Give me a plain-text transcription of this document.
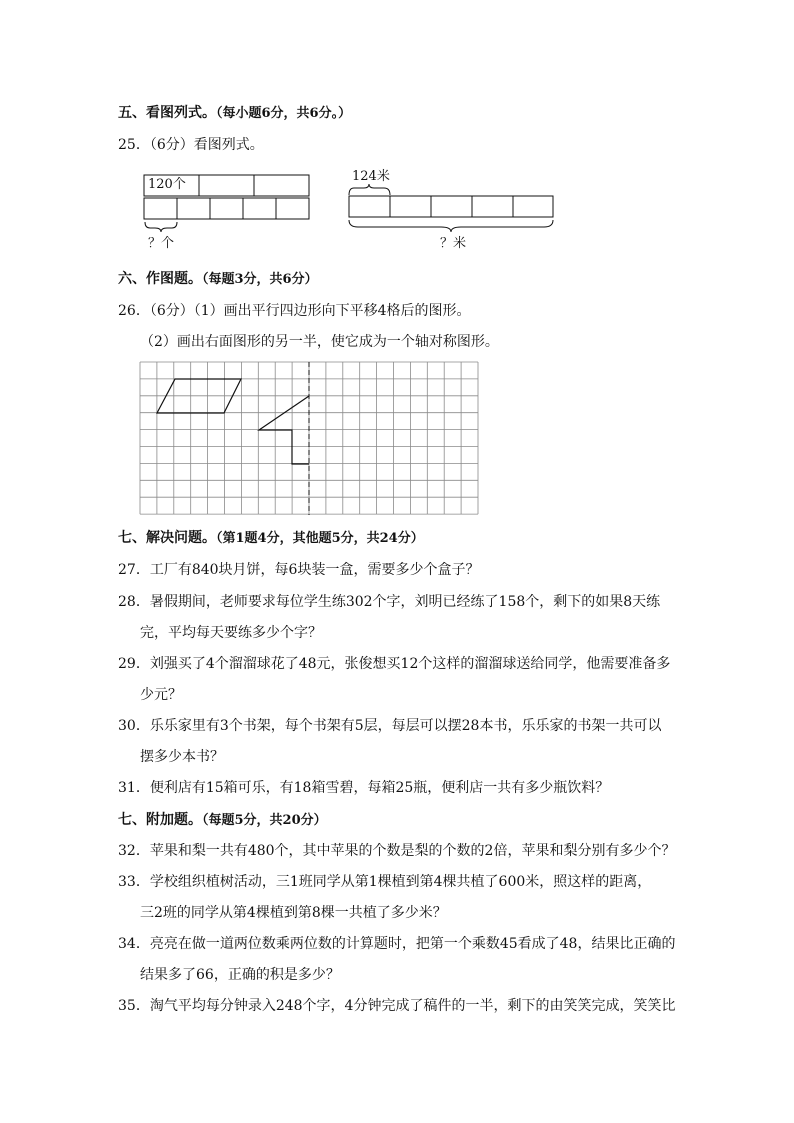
五、看图列式。（每小题6分，共6分。）
25．（6分）看图列式。
120个
？个
124米
？米
六、作图题。（每题3分，共6分）
26．（6分）（1）画出平行四边形向下平移4格后的图形。
（2）画出右面图形的另一半，使它成为一个轴对称图形。
七、解决问题。（第1题4分，其他题5分，共24分）
27．工厂有840块月饼，每6块装一盒，需要多少个盒子？
28．暑假期间，老师要求每位学生练302个字，刘明已经练了158个，剩下的如果8天练
完，平均每天要练多少个字？
29．刘强买了4个溜溜球花了48元，张俊想买12个这样的溜溜球送给同学，他需要准备多
少元？
30．乐乐家里有3个书架，每个书架有5层，每层可以摆28本书，乐乐家的书架一共可以
摆多少本书？
31．便利店有15箱可乐，有18箱雪碧，每箱25瓶，便利店一共有多少瓶饮料？
七、附加题。（每题5分，共20分）
32．苹果和梨一共有480个，其中苹果的个数是梨的个数的2倍，苹果和梨分别有多少个？
33．学校组织植树活动，三1班同学从第1棵植到第4棵共植了600米，照这样的距离，
三2班的同学从第4棵植到第8棵一共植了多少米？
34．亮亮在做一道两位数乘两位数的计算题时，把第一个乘数45看成了48，结果比正确的
结果多了66，正确的积是多少？
35．淘气平均每分钟录入248个字，4分钟完成了稿件的一半，剩下的由笑笑完成，笑笑比
